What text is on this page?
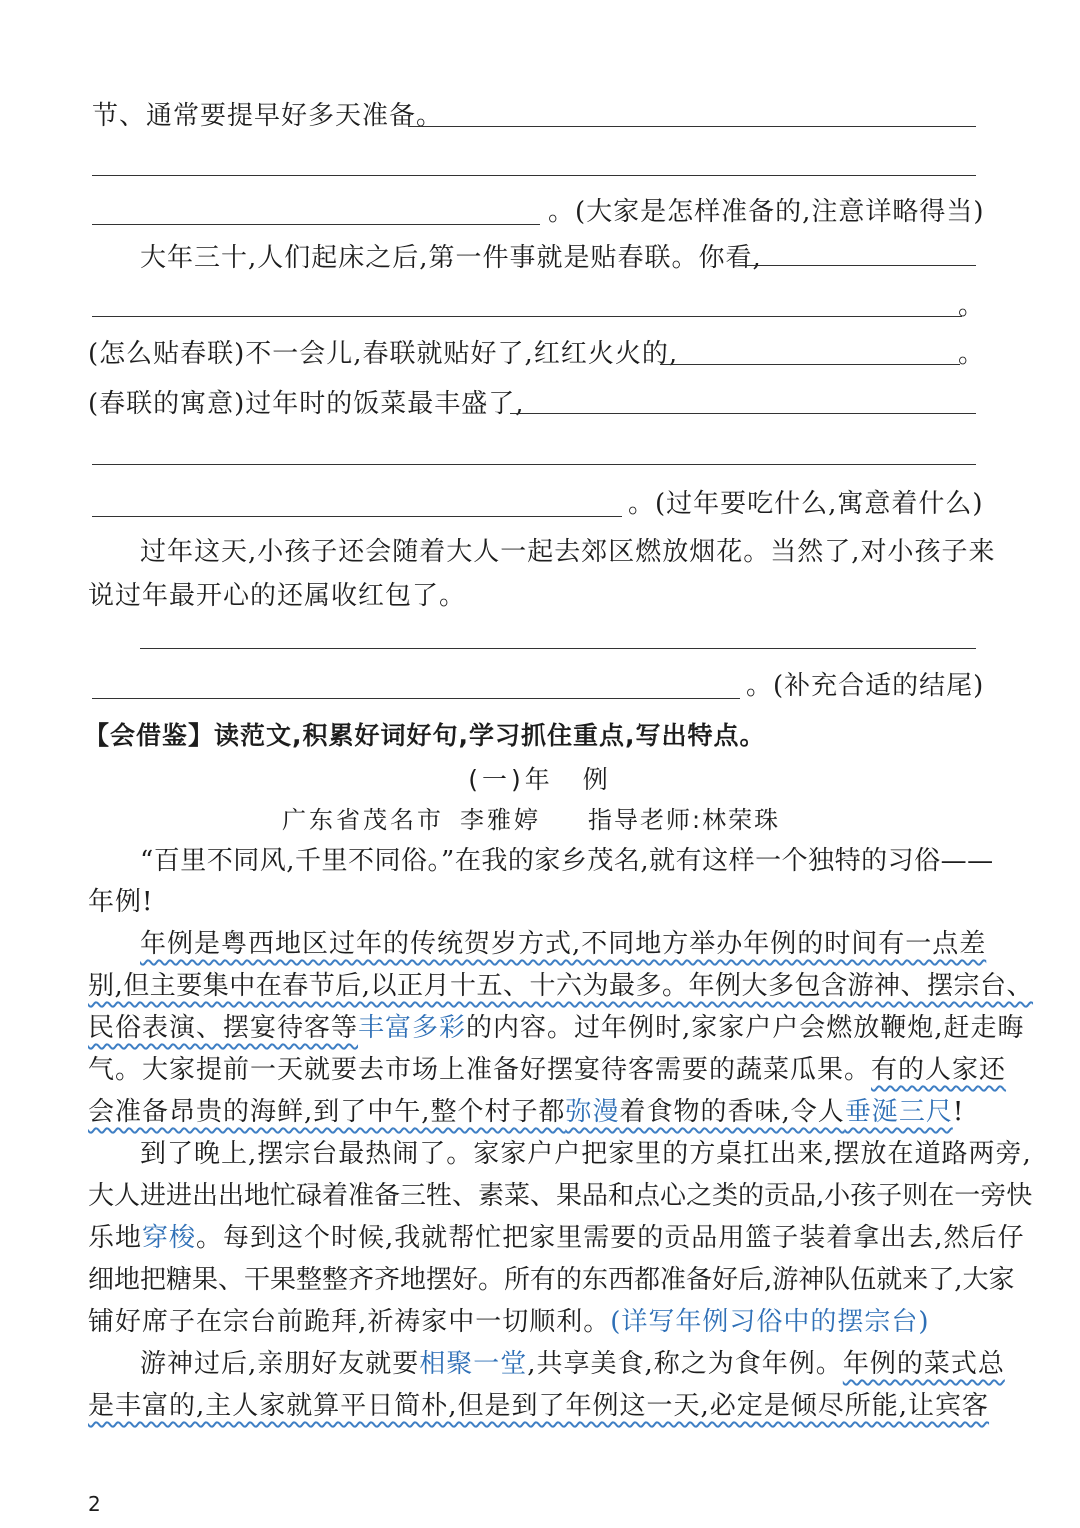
节、通常要提早好多天准备。
。(大家是怎样准备的,注意详略得当)
大年三十,人们起床之后,第一件事就是贴春联。你看,
。
(怎么贴春联)不一会儿,春联就贴好了,红红火火的,	。
(春联的寓意)过年时的饭菜最丰盛了,
。(过年要吃什么,寓意着什么)
过年这天,小孩子还会随着大人一起去郊区燃放烟花。当然了,对小孩子来
说过年最开心的还属收红包了。
。(补充合适的结尾)
【会借鉴】读范文,积累好词好句,学习抓住重点,写出特点。
(一)年　例
广东省茂名市 李雅婷 指导老师:林荣珠
“百里不同风,千里不同俗。”在我的家乡茂名,就有这样一个独特的习俗——
年例!
年例是粤西地区过年的传统贺岁方式,不同地方举办年例的时间有一点差
别,但主要集中在春节后,以正月十五、十六为最多。年例大多包含游神、摆宗台、
民俗表演、摆宴待客等丰富多彩的内容。过年例时,家家户户会燃放鞭炮,赶走晦
气。大家提前一天就要去市场上准备好摆宴待客需要的蔬菜瓜果。有的人家还
会准备昂贵的海鲜,到了中午,整个村子都弥漫着食物的香味,令人垂涎三尺!
到了晚上,摆宗台最热闹了。家家户户把家里的方桌扛出来,摆放在道路两旁,
大人进进出出地忙碌着准备三牲、素菜、果品和点心之类的贡品,小孩子则在一旁快
乐地穿梭。每到这个时候,我就帮忙把家里需要的贡品用篮子装着拿出去,然后仔
细地把糖果、干果整整齐齐地摆好。所有的东西都准备好后,游神队伍就来了,大家
铺好席子在宗台前跪拜,祈祷家中一切顺利。(详写年例习俗中的摆宗台)
游神过后,亲朋好友就要相聚一堂,共享美食,称之为食年例。年例的菜式总
是丰富的,主人家就算平日简朴,但是到了年例这一天,必定是倾尽所能,让宾客
2
